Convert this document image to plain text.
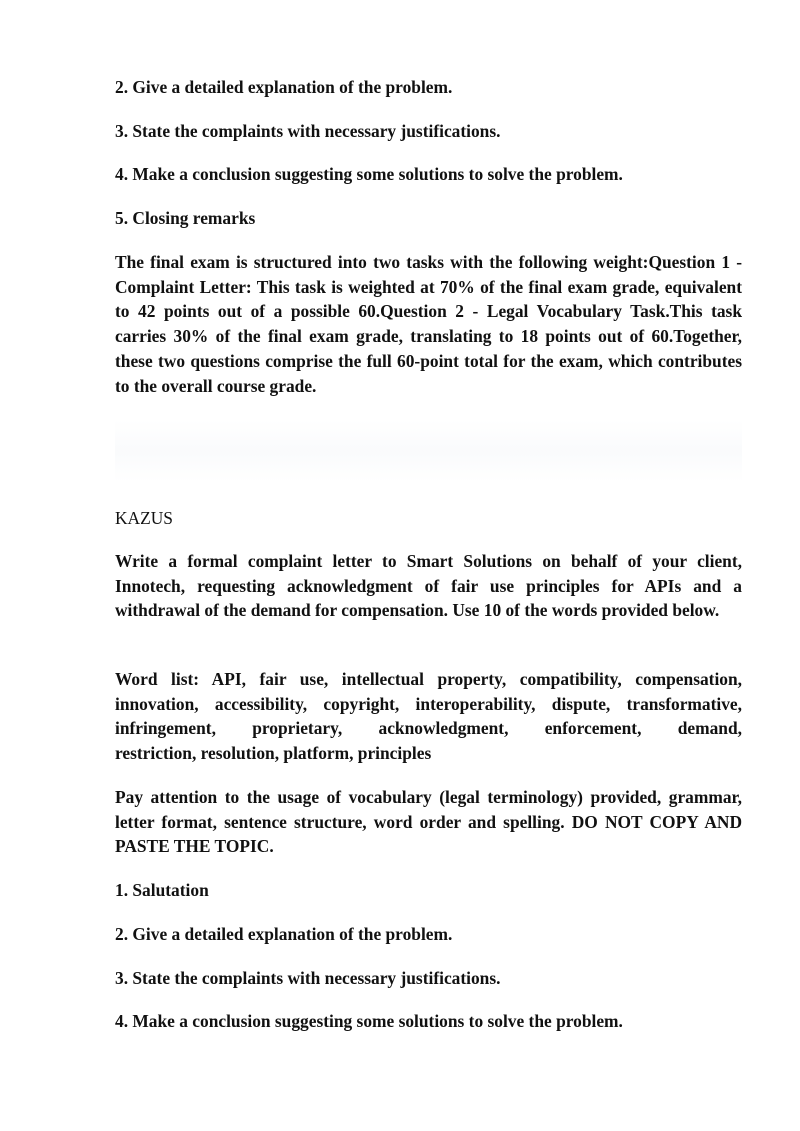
2. Give a detailed explanation of the problem.

3. State the complaints with necessary justifications.

4. Make a conclusion suggesting some solutions to solve the problem.

5. Closing remarks

The final exam is structured into two tasks with the following weight:Question 1 - Complaint Letter: This task is weighted at 70% of the final exam grade, equivalent to 42 points out of a possible 60.Question 2 - Legal Vocabulary Task.This task carries 30% of the final exam grade, translating to 18 points out of 60.Together, these two questions comprise the full 60-point total for the exam, which contributes to the overall course grade.

KAZUS

Write a formal complaint letter to Smart Solutions on behalf of your client, Innotech, requesting acknowledgment of fair use principles for APIs and a withdrawal of the demand for compensation. Use 10 of the words provided below.

Word list: API, fair use, intellectual property, compatibility, compensation,
innovation, accessibility, copyright, interoperability, dispute, transformative,
infringement, proprietary, acknowledgment, enforcement, demand,
restriction, resolution, platform, principles

Pay attention to the usage of vocabulary (legal terminology) provided, grammar, letter format, sentence structure, word order and spelling. DO NOT COPY AND PASTE THE TOPIC.

1. Salutation

2. Give a detailed explanation of the problem.

3. State the complaints with necessary justifications.

4. Make a conclusion suggesting some solutions to solve the problem.
